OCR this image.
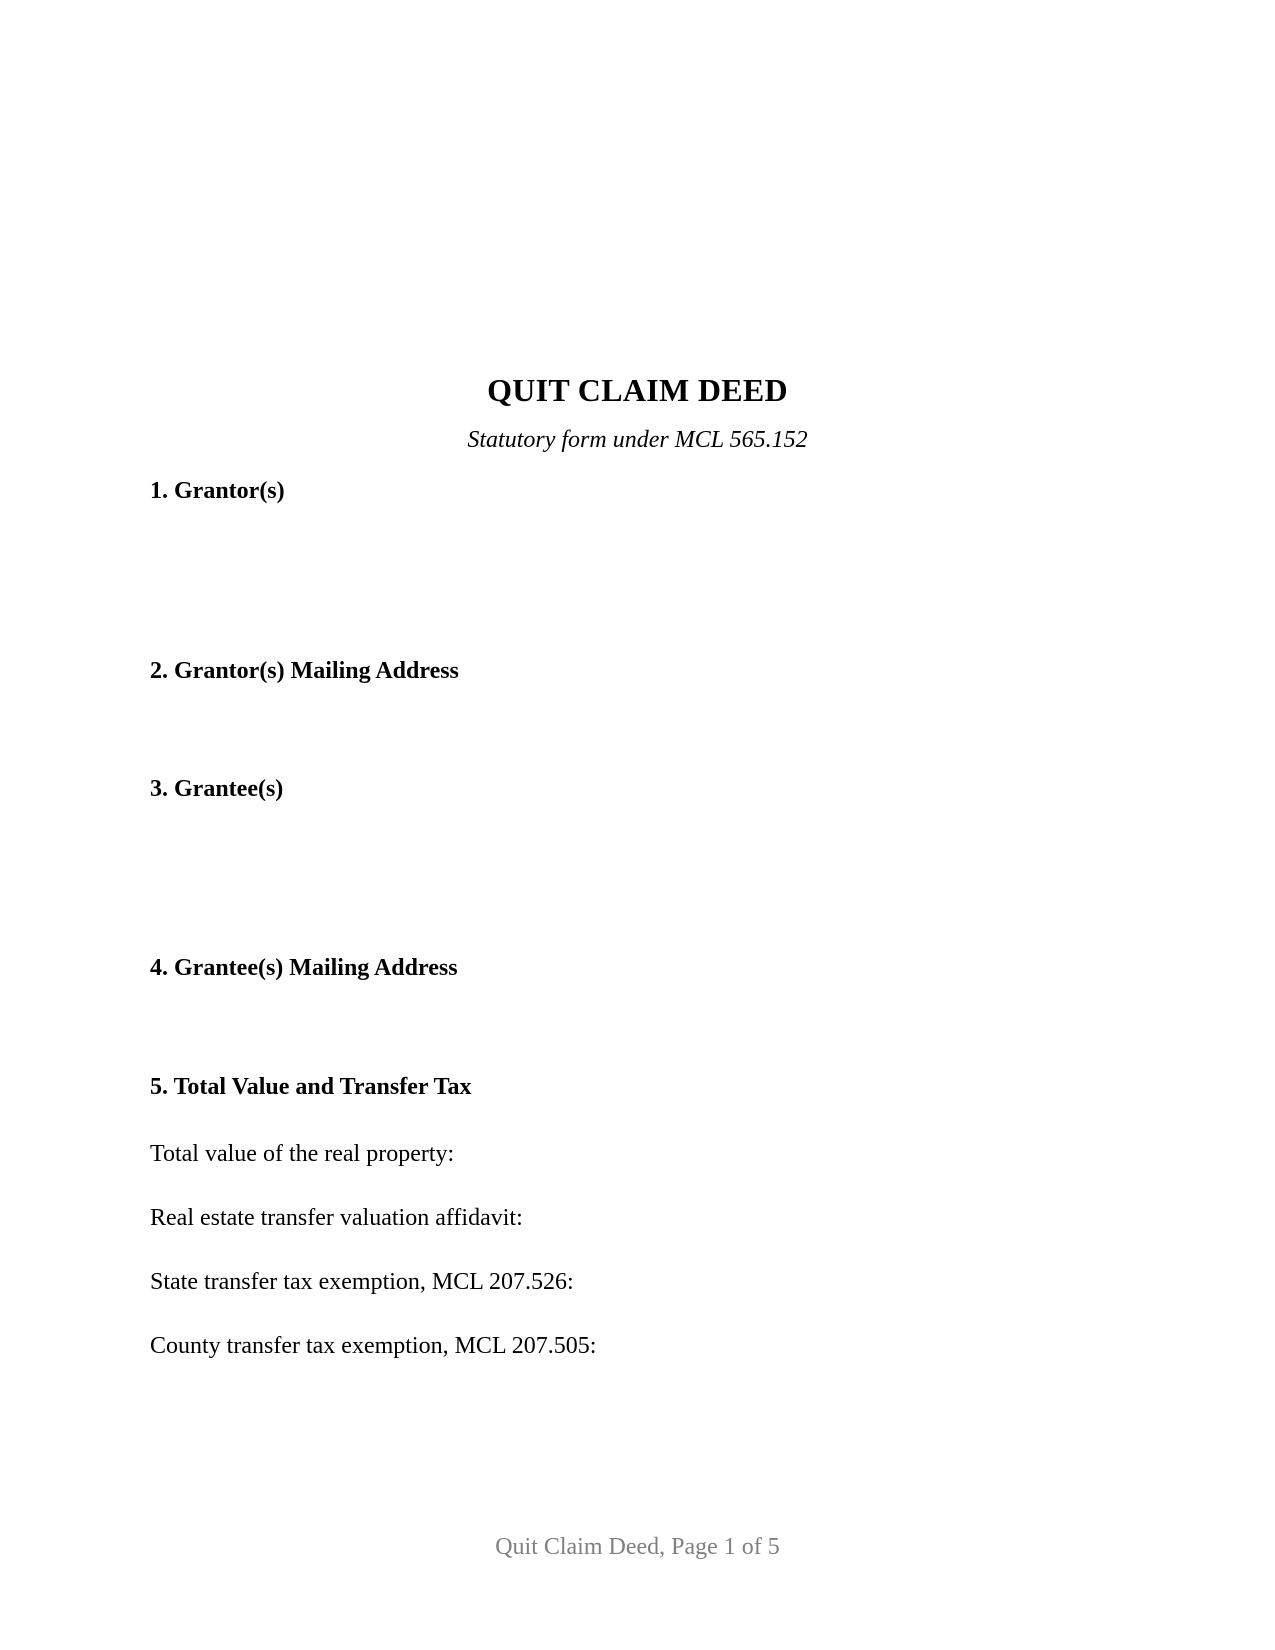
QUIT CLAIM DEED
Statutory form under MCL 565.152
1. Grantor(s)
2. Grantor(s) Mailing Address
3. Grantee(s)
4. Grantee(s) Mailing Address
5. Total Value and Transfer Tax
Total value of the real property:
Real estate transfer valuation affidavit:
State transfer tax exemption, MCL 207.526:
County transfer tax exemption, MCL 207.505:
Quit Claim Deed, Page 1 of 5
